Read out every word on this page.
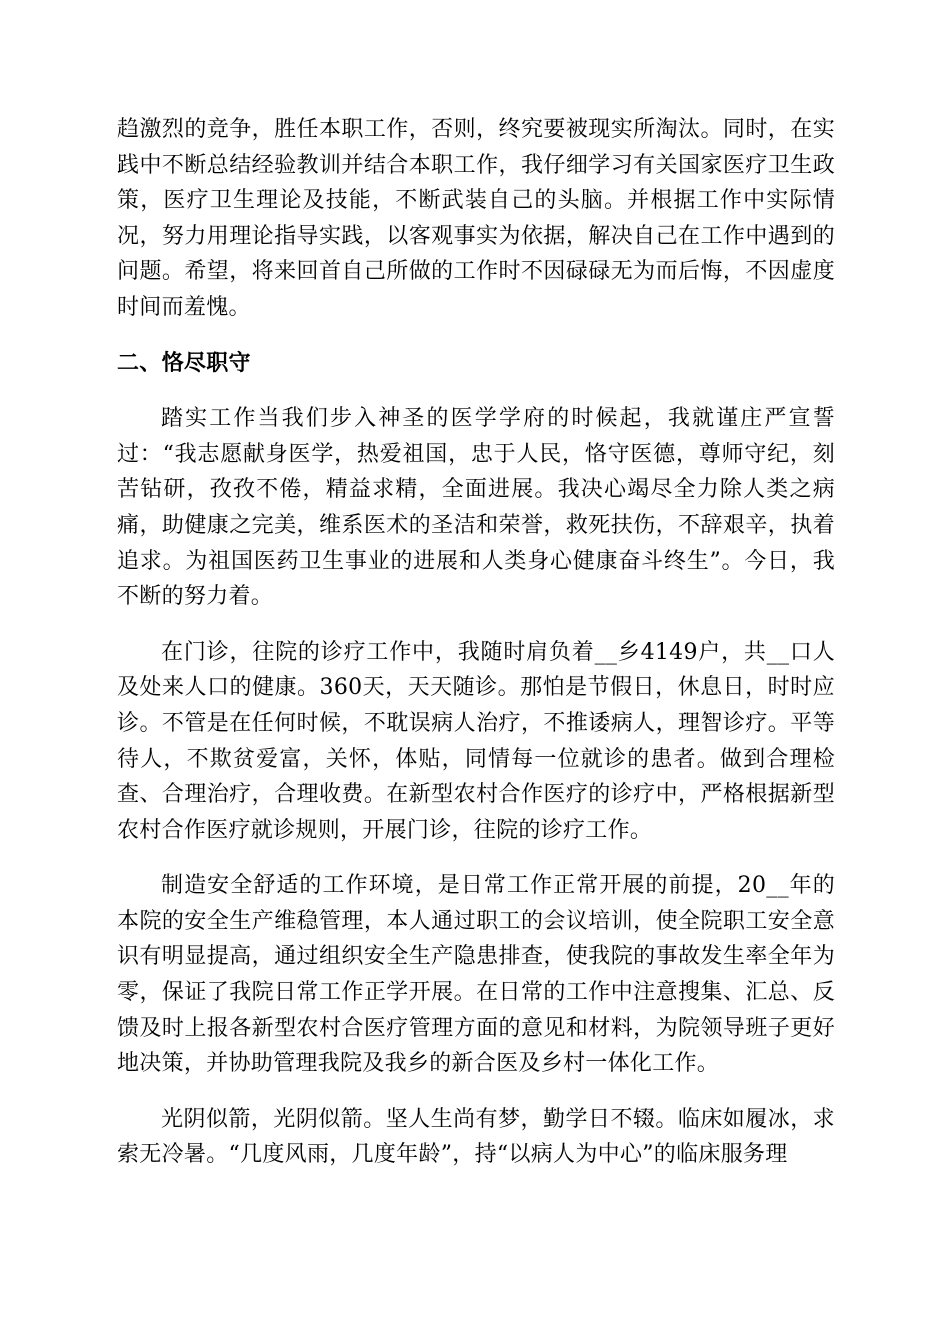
趋激烈的竞争，胜任本职工作，否则，终究要被现实所淘汰。同时，在实践中不断总结经验教训并结合本职工作，我仔细学习有关国家医疗卫生政策，医疗卫生理论及技能，不断武装自己的头脑。并根据工作中实际情况，努力用理论指导实践，以客观事实为依据，解决自己在工作中遇到的问题。希望，将来回首自己所做的工作时不因碌碌无为而后悔，不因虚度时间而羞愧。

二、恪尽职守

踏实工作当我们步入神圣的医学学府的时候起，我就谨庄严宣誓过：“我志愿献身医学，热爱祖国，忠于人民，恪守医德，尊师守纪，刻苦钻研，孜孜不倦，精益求精，全面进展。我决心竭尽全力除人类之病痛，助健康之完美，维系医术的圣洁和荣誉，救死扶伤，不辞艰辛，执着追求。为祖国医药卫生事业的进展和人类身心健康奋斗终生”。今日，我不断的努力着。

在门诊，往院的诊疗工作中，我随时肩负着__乡4149户，共__口人及处来人口的健康。360天，天天随诊。那怕是节假日，休息日，时时应诊。不管是在任何时候，不耽误病人治疗，不推诿病人，理智诊疗。平等待人，不欺贫爱富，关怀，体贴，同情每一位就诊的患者。做到合理检查、合理治疗，合理收费。在新型农村合作医疗的诊疗中，严格根据新型农村合作医疗就诊规则，开展门诊，往院的诊疗工作。

制造安全舒适的工作环境，是日常工作正常开展的前提，20__年的本院的安全生产维稳管理，本人通过职工的会议培训，使全院职工安全意识有明显提高，通过组织安全生产隐患排查，使我院的事故发生率全年为零，保证了我院日常工作正学开展。在日常的工作中注意搜集、汇总、反馈及时上报各新型农村合医疗管理方面的意见和材料，为院领导班子更好地决策，并协助管理我院及我乡的新合医及乡村一体化工作。

光阴似箭，光阴似箭。坚人生尚有梦，勤学日不辍。临床如履冰，求索无冷暑。“几度风雨，几度年龄”，持“以病人为中心”的临床服务理
